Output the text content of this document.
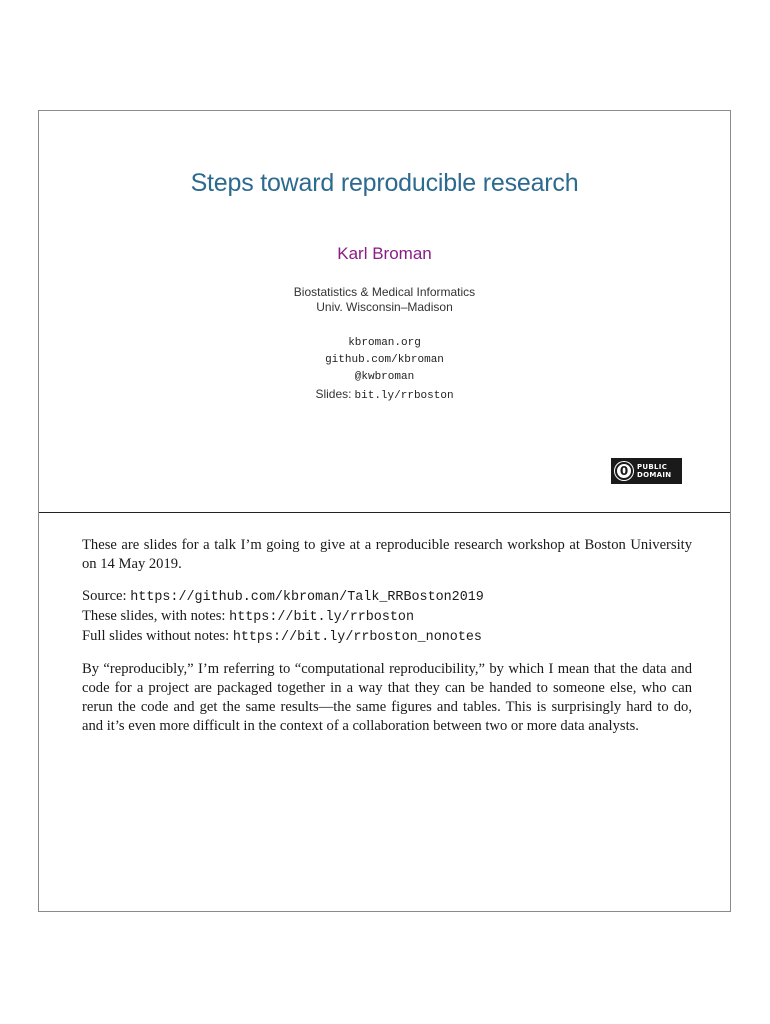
Steps toward reproducible research
Karl Broman
Biostatistics & Medical Informatics
Univ. Wisconsin–Madison
kbroman.org
github.com/kbroman
@kwbroman
Slides: bit.ly/rrboston
0	PUBLIC
DOMAIN

These are slides for a talk I’m going to give at a reproducible research workshop at Boston University on 14 May 2019.

Source: https://github.com/kbroman/Talk_RRBoston2019
These slides, with notes: https://bit.ly/rrboston
Full slides without notes: https://bit.ly/rrboston_nonotes

By “reproducibly,” I’m referring to “computational reproducibility,” by which I mean that the data and code for a project are packaged together in a way that they can be handed to someone else, who can rerun the code and get the same results—the same figures and tables. This is surprisingly hard to do, and it’s even more difficult in the context of a collaboration between two or more data analysts.
